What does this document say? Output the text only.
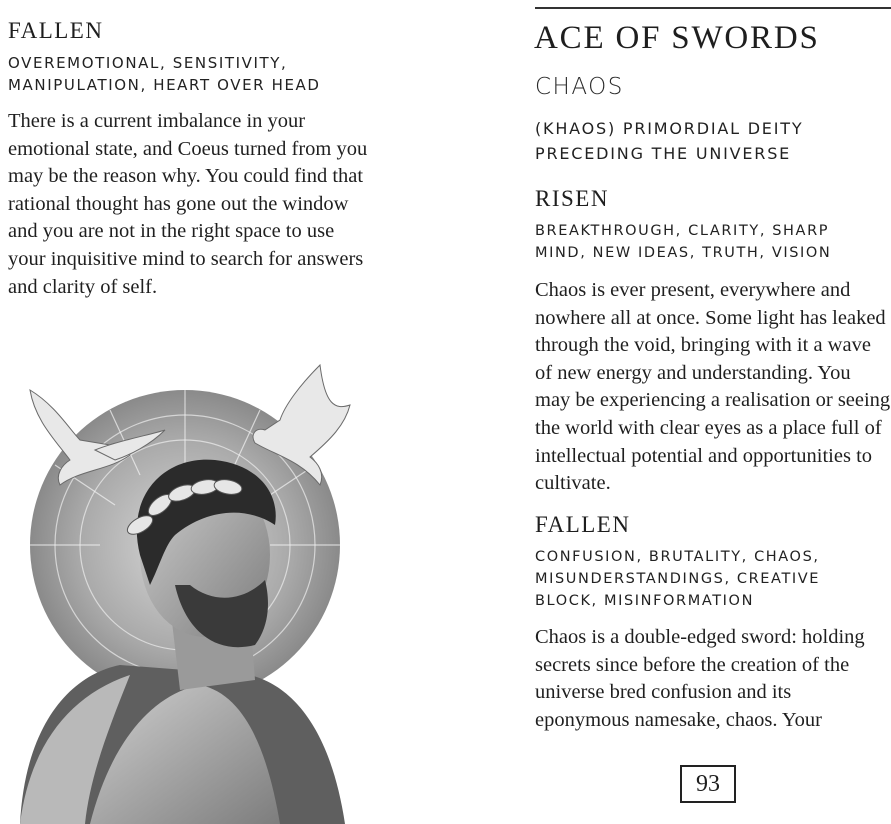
FALLEN
OVEREMOTIONAL, SENSITIVITY, MANIPULATION, HEART OVER HEAD
There is a current imbalance in your emotional state, and Coeus turned from you may be the reason why. You could find that rational thought has gone out the window and you are not in the right space to use your inquisitive mind to search for answers and clarity of self.
ACE OF SWORDS
CHAOS
(KHAOS) PRIMORDIAL DEITY PRECEDING THE UNIVERSE
RISEN
BREAKTHROUGH, CLARITY, SHARP MIND, NEW IDEAS, TRUTH, VISION
Chaos is ever present, everywhere and nowhere all at once. Some light has leaked through the void, bringing with it a wave of new energy and understanding. You may be experiencing a realisation or seeing the world with clear eyes as a place full of intellectual potential and opportunities to cultivate.
FALLEN
CONFUSION, BRUTALITY, CHAOS, MISUNDERSTANDINGS, CREATIVE BLOCK, MISINFORMATION
Chaos is a double-edged sword: holding secrets since before the creation of the universe bred confusion and its eponymous namesake, chaos. Your
93
